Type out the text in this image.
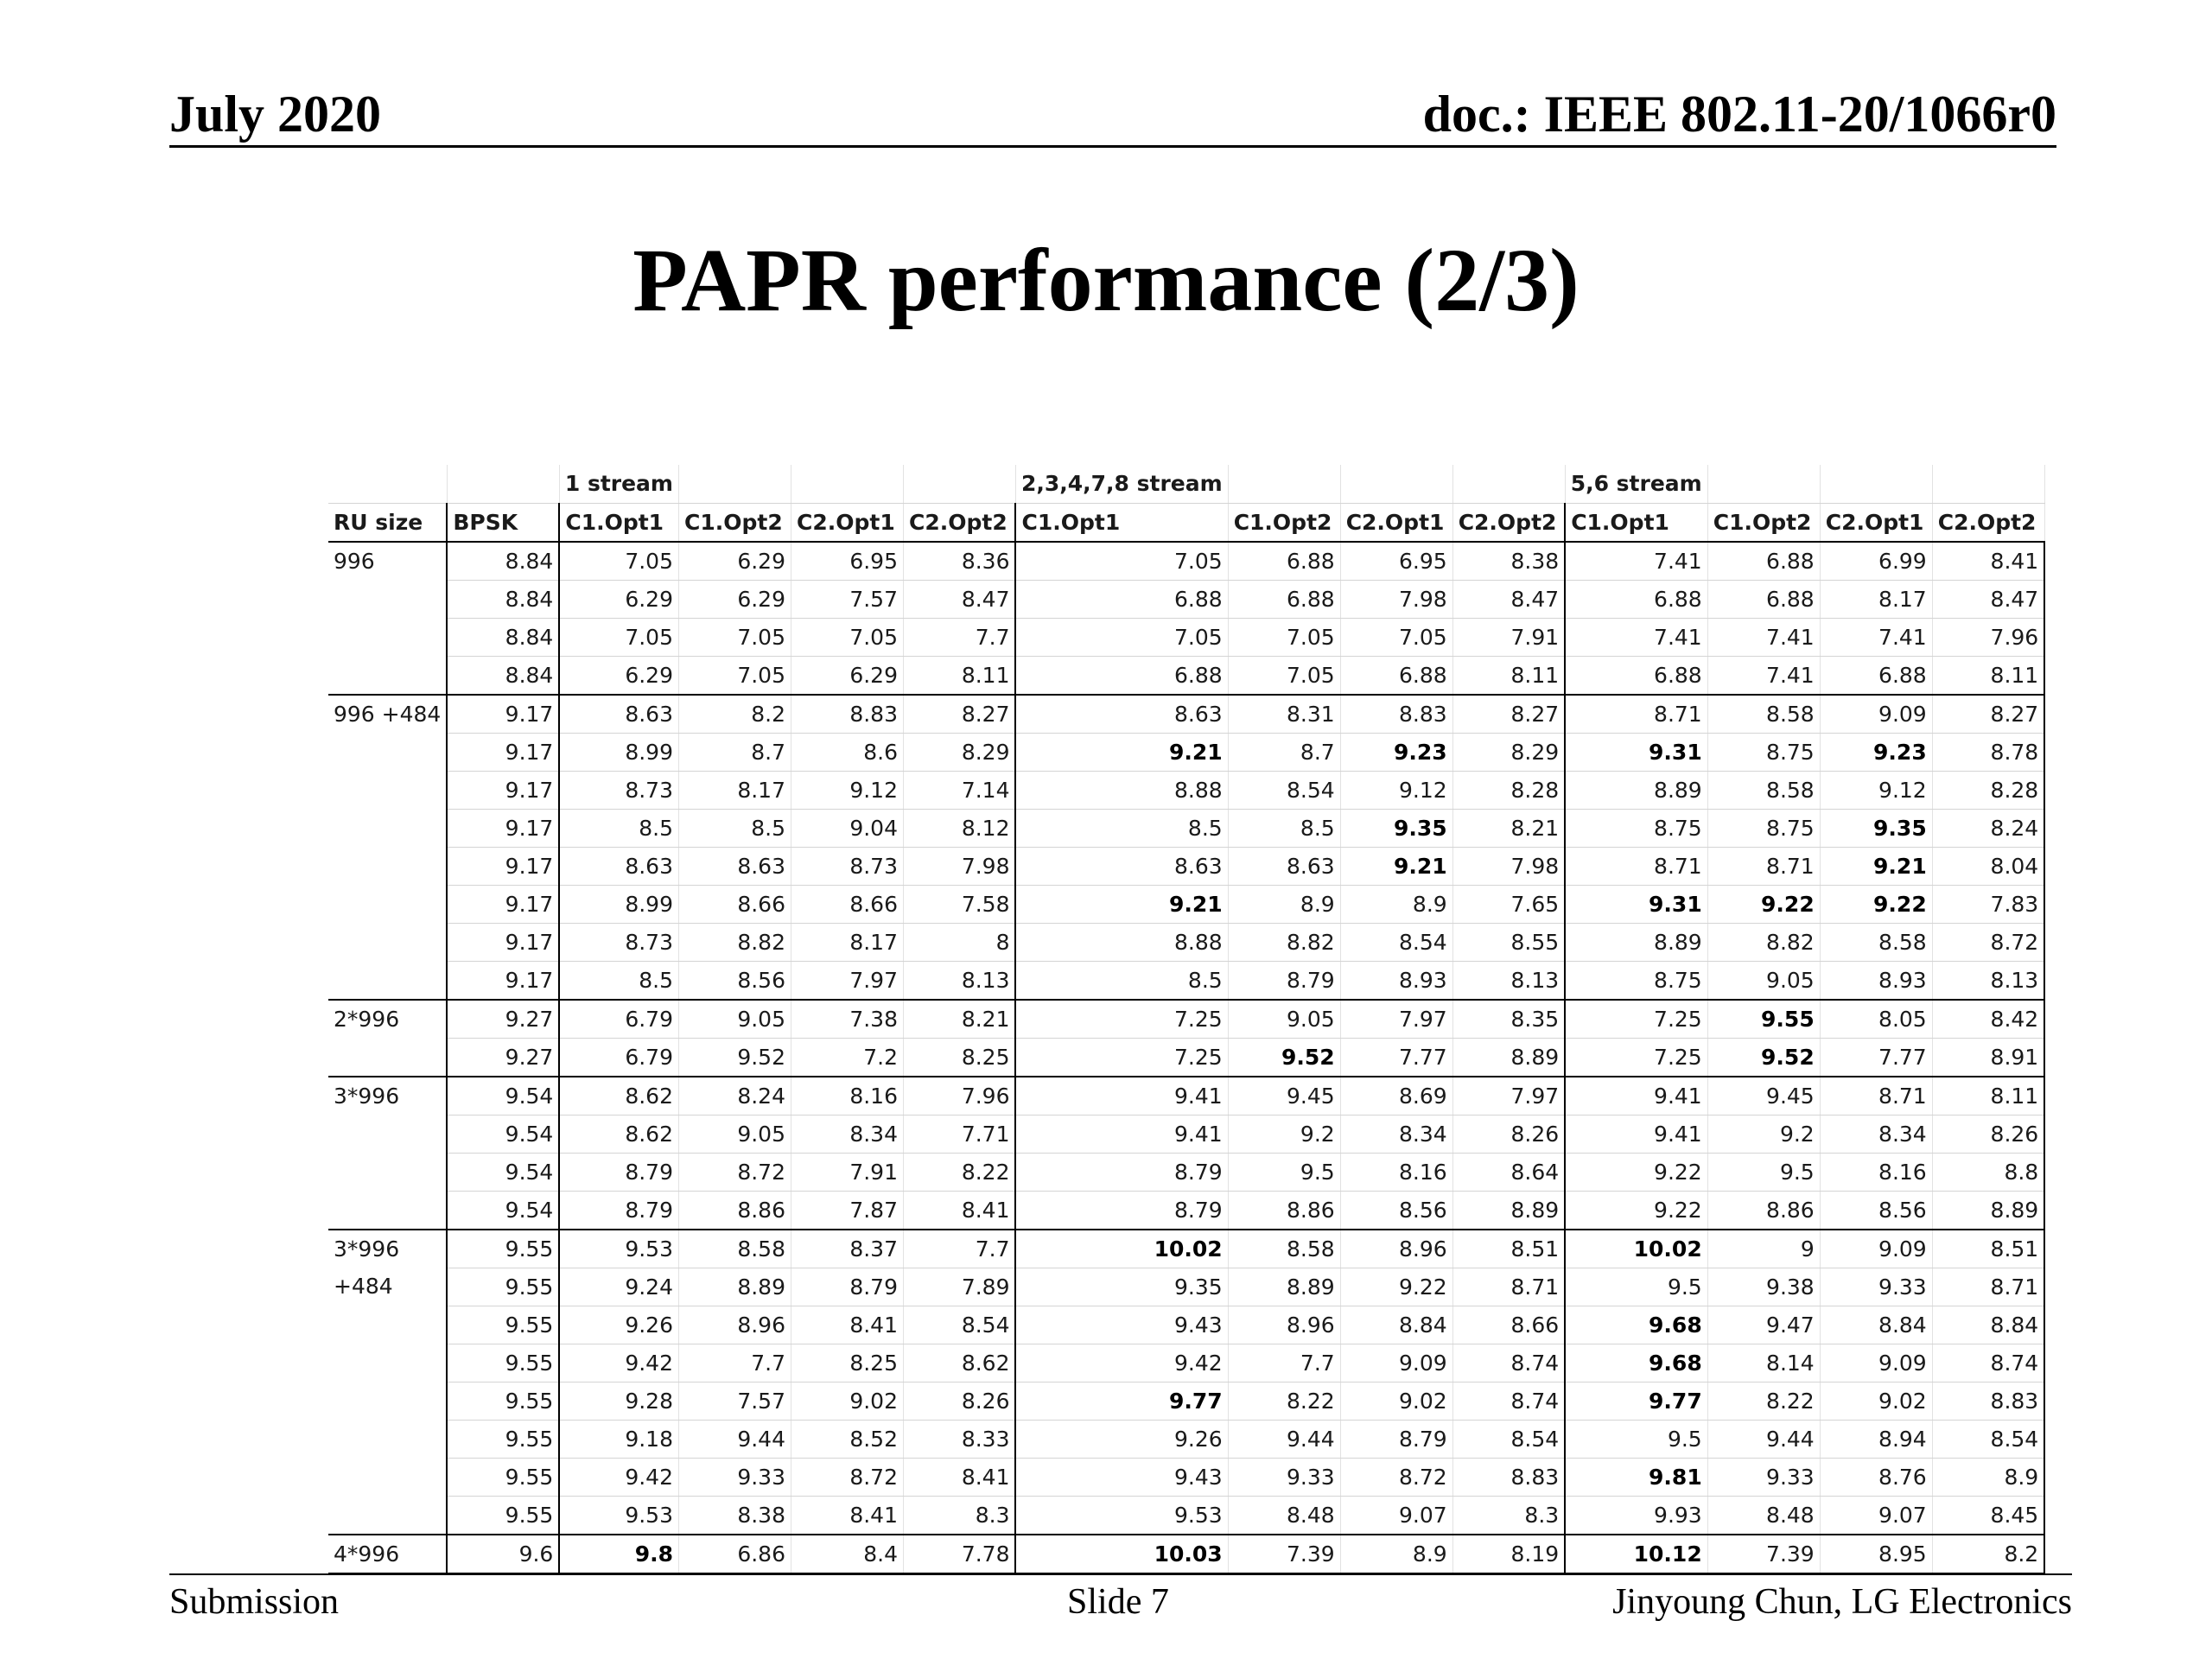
July 2020	doc.: IEEE 802.11-20/1066r0
PAPR performance (2/3)
		1 stream				2,3,4,7,8 stream				5,6 stream			
RU size	BPSK	C1.Opt1	C1.Opt2	C2.Opt1	C2.Opt2	C1.Opt1	C1.Opt2	C2.Opt1	C2.Opt2	C1.Opt1	C1.Opt2	C2.Opt1	C2.Opt2
996	8.84	7.05	6.29	6.95	8.36	7.05	6.88	6.95	8.38	7.41	6.88	6.99	8.41
	8.84	6.29	6.29	7.57	8.47	6.88	6.88	7.98	8.47	6.88	6.88	8.17	8.47
	8.84	7.05	7.05	7.05	7.7	7.05	7.05	7.05	7.91	7.41	7.41	7.41	7.96
	8.84	6.29	7.05	6.29	8.11	6.88	7.05	6.88	8.11	6.88	7.41	6.88	8.11
996 +484	9.17	8.63	8.2	8.83	8.27	8.63	8.31	8.83	8.27	8.71	8.58	9.09	8.27
	9.17	8.99	8.7	8.6	8.29	9.21	8.7	9.23	8.29	9.31	8.75	9.23	8.78
	9.17	8.73	8.17	9.12	7.14	8.88	8.54	9.12	8.28	8.89	8.58	9.12	8.28
	9.17	8.5	8.5	9.04	8.12	8.5	8.5	9.35	8.21	8.75	8.75	9.35	8.24
	9.17	8.63	8.63	8.73	7.98	8.63	8.63	9.21	7.98	8.71	8.71	9.21	8.04
	9.17	8.99	8.66	8.66	7.58	9.21	8.9	8.9	7.65	9.31	9.22	9.22	7.83
	9.17	8.73	8.82	8.17	8	8.88	8.82	8.54	8.55	8.89	8.82	8.58	8.72
	9.17	8.5	8.56	7.97	8.13	8.5	8.79	8.93	8.13	8.75	9.05	8.93	8.13
2*996	9.27	6.79	9.05	7.38	8.21	7.25	9.05	7.97	8.35	7.25	9.55	8.05	8.42
	9.27	6.79	9.52	7.2	8.25	7.25	9.52	7.77	8.89	7.25	9.52	7.77	8.91
3*996	9.54	8.62	8.24	8.16	7.96	9.41	9.45	8.69	7.97	9.41	9.45	8.71	8.11
	9.54	8.62	9.05	8.34	7.71	9.41	9.2	8.34	8.26	9.41	9.2	8.34	8.26
	9.54	8.79	8.72	7.91	8.22	8.79	9.5	8.16	8.64	9.22	9.5	8.16	8.8
	9.54	8.79	8.86	7.87	8.41	8.79	8.86	8.56	8.89	9.22	8.86	8.56	8.89
3*996	9.55	9.53	8.58	8.37	7.7	10.02	8.58	8.96	8.51	10.02	9	9.09	8.51
+484	9.55	9.24	8.89	8.79	7.89	9.35	8.89	9.22	8.71	9.5	9.38	9.33	8.71
	9.55	9.26	8.96	8.41	8.54	9.43	8.96	8.84	8.66	9.68	9.47	8.84	8.84
	9.55	9.42	7.7	8.25	8.62	9.42	7.7	9.09	8.74	9.68	8.14	9.09	8.74
	9.55	9.28	7.57	9.02	8.26	9.77	8.22	9.02	8.74	9.77	8.22	9.02	8.83
	9.55	9.18	9.44	8.52	8.33	9.26	9.44	8.79	8.54	9.5	9.44	8.94	8.54
	9.55	9.42	9.33	8.72	8.41	9.43	9.33	8.72	8.83	9.81	9.33	8.76	8.9
	9.55	9.53	8.38	8.41	8.3	9.53	8.48	9.07	8.3	9.93	8.48	9.07	8.45
4*996	9.6	9.8	6.86	8.4	7.78	10.03	7.39	8.9	8.19	10.12	7.39	8.95	8.2
Submission	Slide 7	Jinyoung Chun, LG Electronics
